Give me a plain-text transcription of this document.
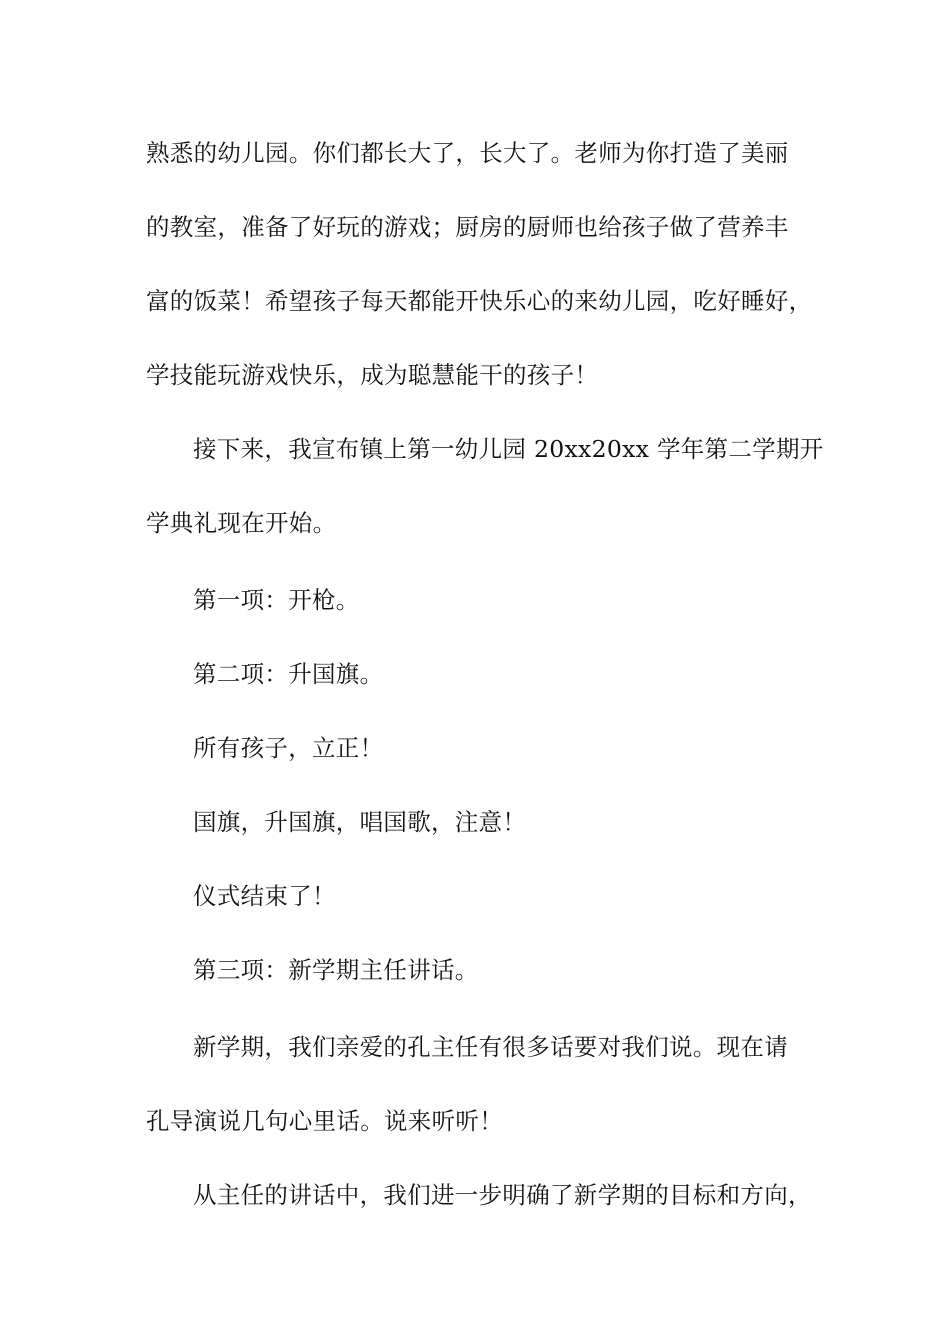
熟悉的幼儿园。你们都长大了，长大了。老师为你打造了美丽
的教室，准备了好玩的游戏；厨房的厨师也给孩子做了营养丰
富的饭菜！希望孩子每天都能开快乐心的来幼儿园，吃好睡好，
学技能玩游戏快乐，成为聪慧能干的孩子！
接下来，我宣布镇上第一幼儿园 20xx20xx 学年第二学期开
学典礼现在开始。
第一项：开枪。
第二项：升国旗。
所有孩子，立正！
国旗，升国旗，唱国歌，注意！
仪式结束了！
第三项：新学期主任讲话。
新学期，我们亲爱的孔主任有很多话要对我们说。现在请
孔导演说几句心里话。说来听听！
从主任的讲话中，我们进一步明确了新学期的目标和方向，
